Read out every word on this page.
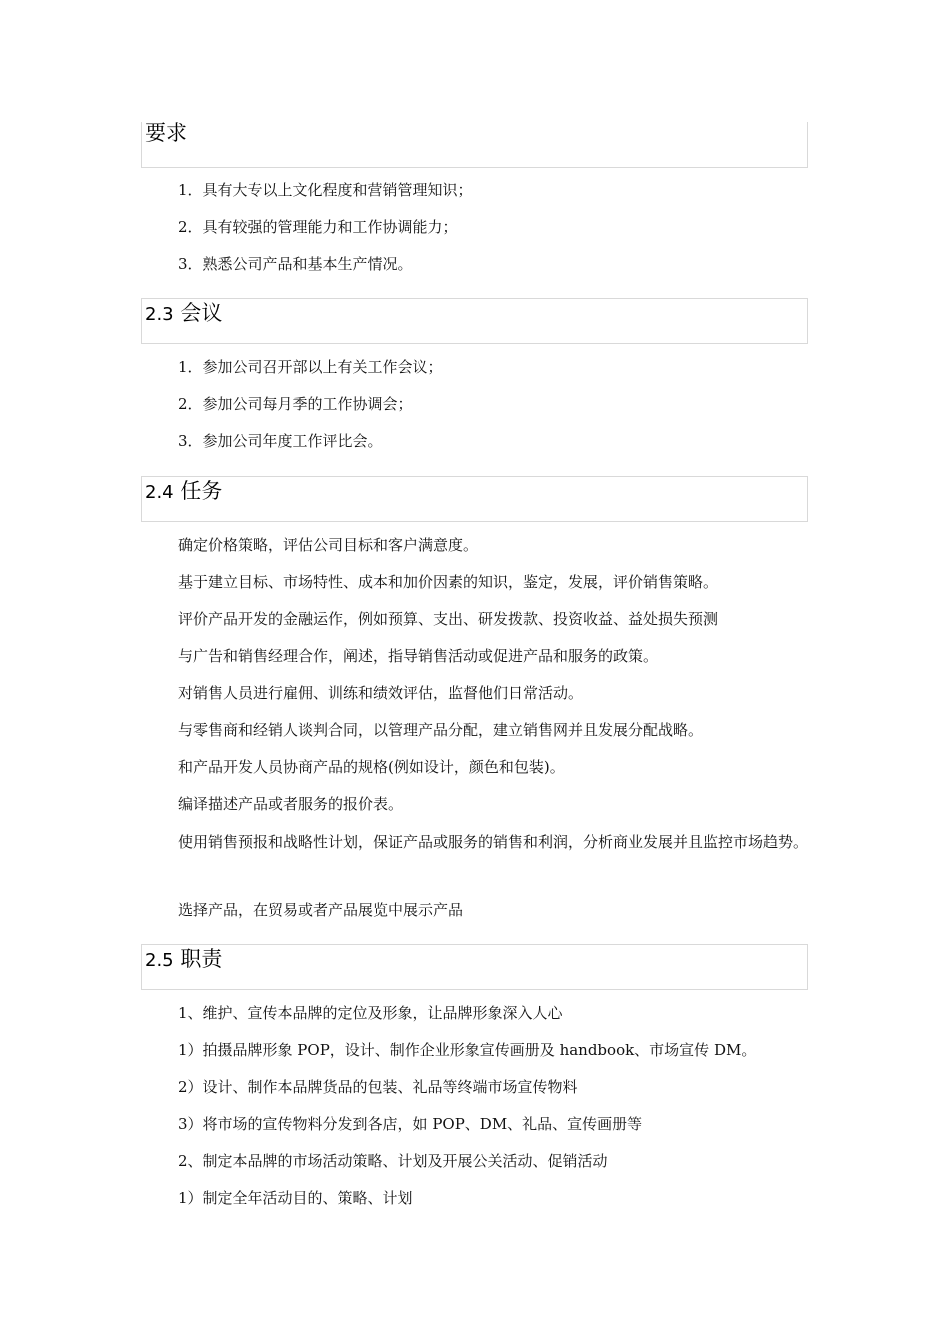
要求
1．具有大专以上文化程度和营销管理知识；
2．具有较强的管理能力和工作协调能力；
3．熟悉公司产品和基本生产情况。
2.3 会议
1．参加公司召开部以上有关工作会议；
2．参加公司每月季的工作协调会；
3．参加公司年度工作评比会。
2.4 任务
确定价格策略，评估公司目标和客户满意度。
基于建立目标、市场特性、成本和加价因素的知识，鉴定，发展，评价销售策略。
评价产品开发的金融运作，例如预算、支出、研发拨款、投资收益、益处损失预测
与广告和销售经理合作，阐述，指导销售活动或促进产品和服务的政策。
对销售人员进行雇佣、训练和绩效评估，监督他们日常活动。
与零售商和经销人谈判合同，以管理产品分配，建立销售网并且发展分配战略。
和产品开发人员协商产品的规格(例如设计，颜色和包装)。
编译描述产品或者服务的报价表。
使用销售预报和战略性计划，保证产品或服务的销售和利润，分析商业发展并且监控市场趋势。
选择产品，在贸易或者产品展览中展示产品
2.5 职责
1、维护、宣传本品牌的定位及形象，让品牌形象深入人心
1）拍摄品牌形象 POP，设计、制作企业形象宣传画册及 handbook、市场宣传 DM。
2）设计、制作本品牌货品的包装、礼品等终端市场宣传物料
3）将市场的宣传物料分发到各店，如 POP、DM、礼品、宣传画册等
2、制定本品牌的市场活动策略、计划及开展公关活动、促销活动
1）制定全年活动目的、策略、计划
